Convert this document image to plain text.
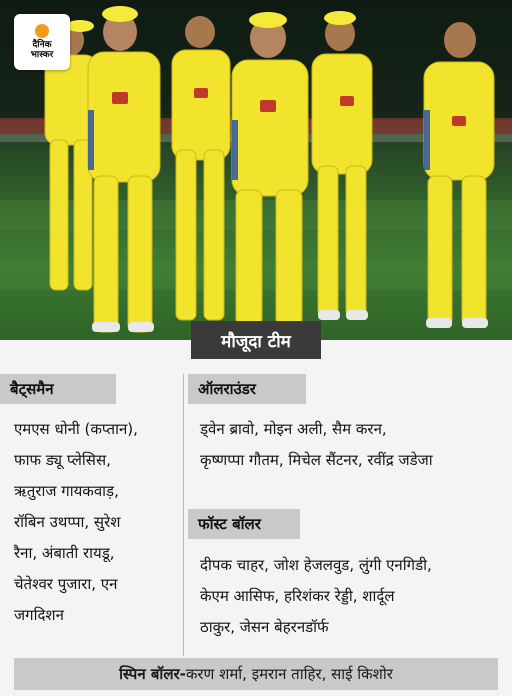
दैनिक
भास्कर
मौजूदा टीम
बैट्समैन
एमएस धोनी (कप्तान),
फाफ ड्यू प्लेसिस,
ऋतुराज गायकवाड़,
रॉबिन उथप्पा, सुरेश
रैना, अंबाती रायडू,
चेतेश्वर पुजारा, एन
जगदिशन
ऑलराउंडर
ड्वेन ब्रावो, मोइन अली, सैम करन,
कृष्णप्पा गौतम, मिचेल सैंटनर, रवींद्र जडेजा
फॉस्ट बॉलर
दीपक चाहर, जोश हेजलवुड, लुंगी एनगिडी,
केएम आसिफ, हरिशंकर रेड्डी, शार्दूल
ठाकुर, जेसन बेहरनडॉर्फ
स्पिन बॉलर- करण शर्मा, इमरान ताहिर, साई किशोर
